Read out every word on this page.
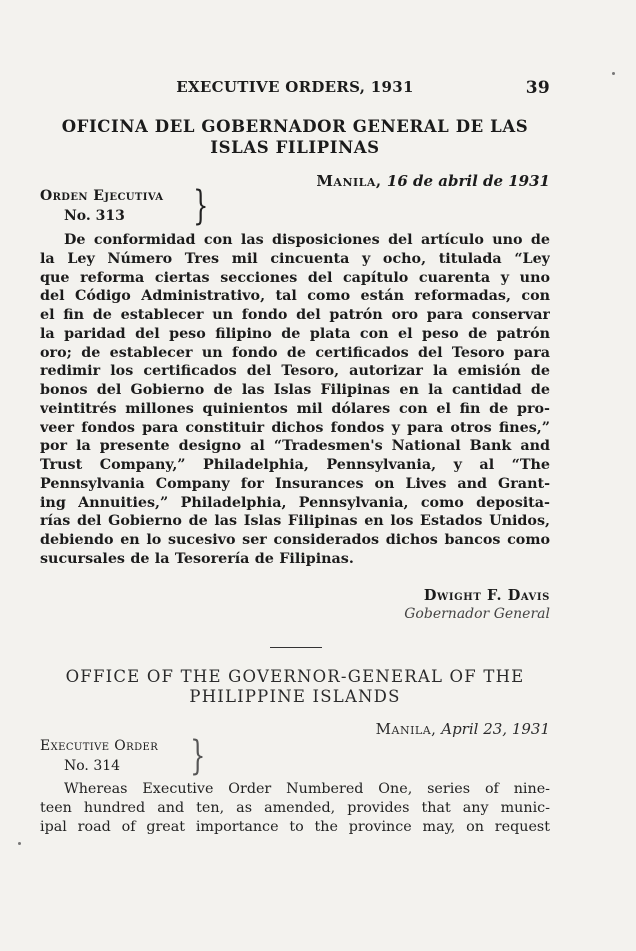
EXECUTIVE ORDERS, 1931	39
OFICINA DEL GOBERNADOR GENERAL DE LAS
ISLAS FILIPINAS
Manila, 16 de abril de 1931
Orden Ejecutiva
No. 313	}
De conformidad con las disposiciones del artículo uno de
la Ley Número Tres mil cincuenta y ocho, titulada “Ley
que reforma ciertas secciones del capítulo cuarenta y uno
del Código Administrativo, tal como están reformadas, con
el fin de establecer un fondo del patrón oro para conservar
la paridad del peso filipino de plata con el peso de patrón
oro; de establecer un fondo de certificados del Tesoro para
redimir los certificados del Tesoro, autorizar la emisión de
bonos del Gobierno de las Islas Filipinas en la cantidad de
veintitrés millones quinientos mil dólares con el fin de pro-
veer fondos para constituir dichos fondos y para otros fines,”
por la presente designo al “Tradesmen's National Bank and
Trust Company,” Philadelphia, Pennsylvania, y al “The
Pennsylvania Company for Insurances on Lives and Grant-
ing Annuities,” Philadelphia, Pennsylvania, como deposita-
rías del Gobierno de las Islas Filipinas en los Estados Unidos,
debiendo en lo sucesivo ser considerados dichos bancos como
sucursales de la Tesorería de Filipinas.
Dwight F. Davis
Gobernador General
OFFICE OF THE GOVERNOR-GENERAL OF THE
PHILIPPINE ISLANDS
Manila, April 23, 1931
Executive Order
No. 314	}
Whereas Executive Order Numbered One, series of nine-
teen hundred and ten, as amended, provides that any munic-
ipal road of great importance to the province may, on request
